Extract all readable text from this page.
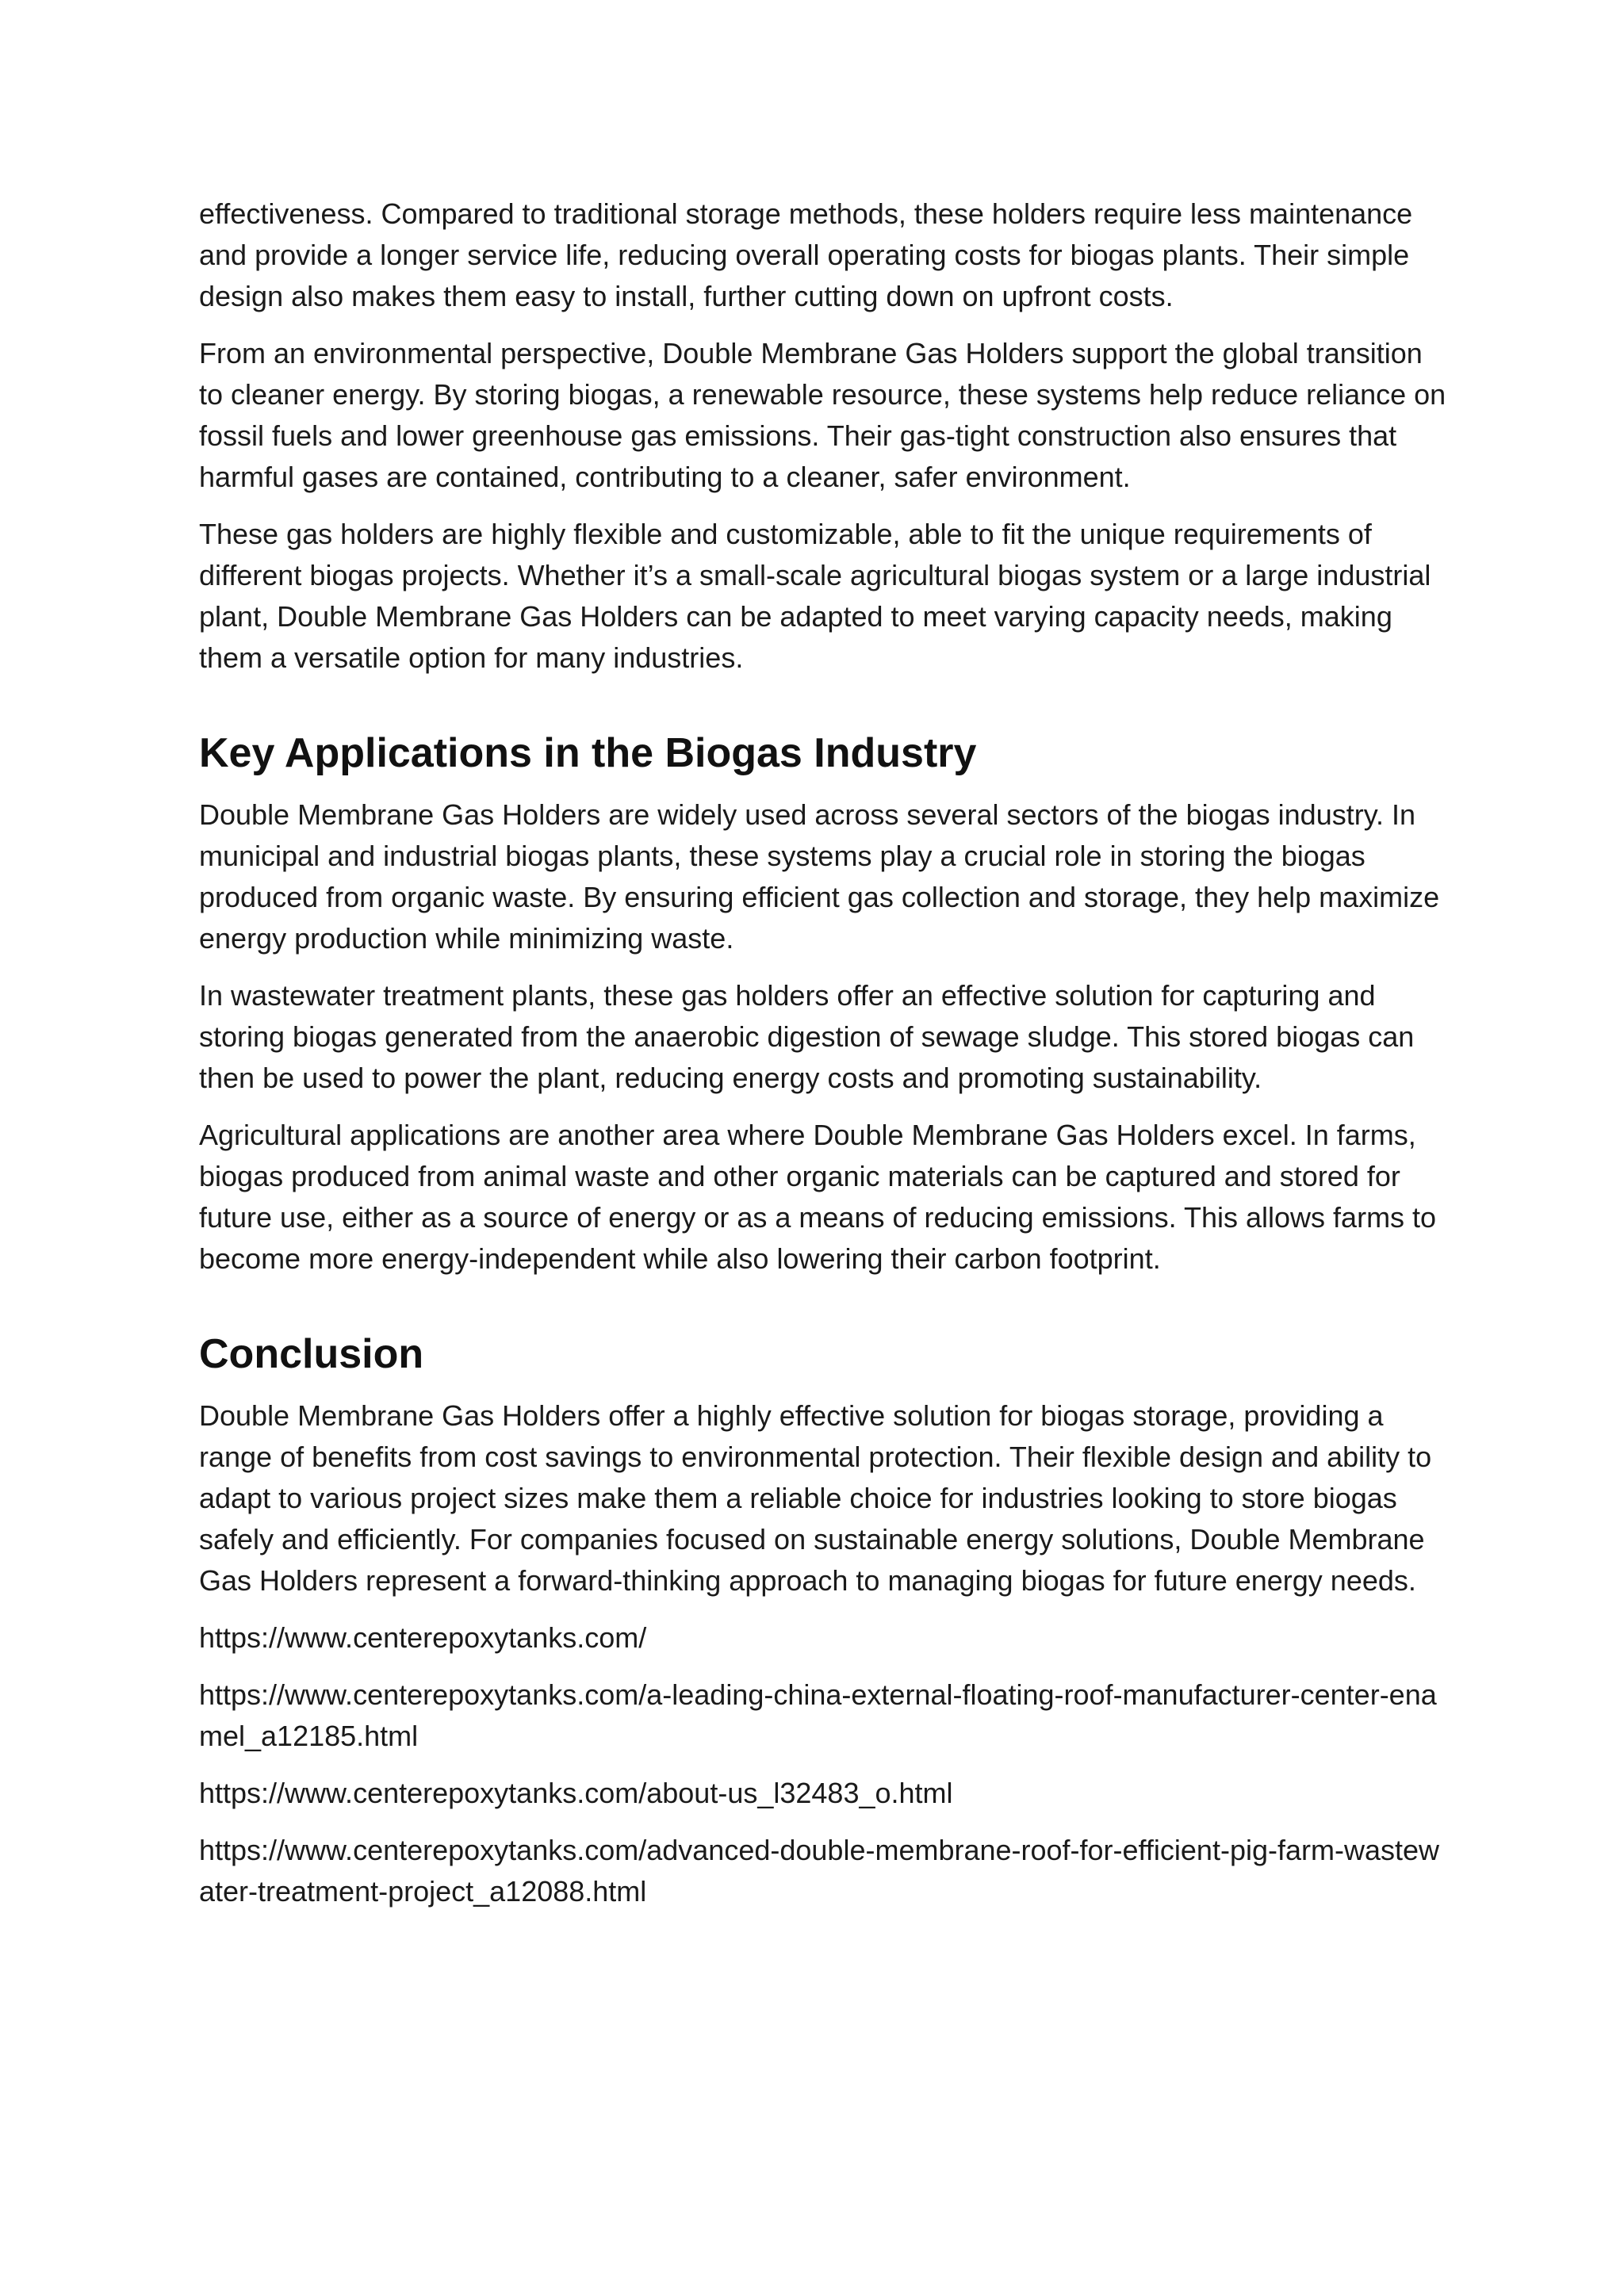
effectiveness. Compared to traditional storage methods, these holders require less maintenance and provide a longer service life, reducing overall operating costs for biogas plants. Their simple design also makes them easy to install, further cutting down on upfront costs.

From an environmental perspective, Double Membrane Gas Holders support the global transition to cleaner energy. By storing biogas, a renewable resource, these systems help reduce reliance on fossil fuels and lower greenhouse gas emissions. Their gas-tight construction also ensures that harmful gases are contained, contributing to a cleaner, safer environment.

These gas holders are highly flexible and customizable, able to fit the unique requirements of different biogas projects. Whether it’s a small-scale agricultural biogas system or a large industrial plant, Double Membrane Gas Holders can be adapted to meet varying capacity needs, making them a versatile option for many industries.

Key Applications in the Biogas Industry

Double Membrane Gas Holders are widely used across several sectors of the biogas industry. In municipal and industrial biogas plants, these systems play a crucial role in storing the biogas produced from organic waste. By ensuring efficient gas collection and storage, they help maximize energy production while minimizing waste.

In wastewater treatment plants, these gas holders offer an effective solution for capturing and storing biogas generated from the anaerobic digestion of sewage sludge. This stored biogas can then be used to power the plant, reducing energy costs and promoting sustainability.

Agricultural applications are another area where Double Membrane Gas Holders excel. In farms, biogas produced from animal waste and other organic materials can be captured and stored for future use, either as a source of energy or as a means of reducing emissions. This allows farms to become more energy-independent while also lowering their carbon footprint.

Conclusion

Double Membrane Gas Holders offer a highly effective solution for biogas storage, providing a range of benefits from cost savings to environmental protection. Their flexible design and ability to adapt to various project sizes make them a reliable choice for industries looking to store biogas safely and efficiently. For companies focused on sustainable energy solutions, Double Membrane Gas Holders represent a forward-thinking approach to managing biogas for future energy needs.

https://www.centerepoxytanks.com/
https://www.centerepoxytanks.com/a-leading-china-external-floating-roof-manufacturer-center-enamel_a12185.html
https://www.centerepoxytanks.com/about-us_l32483_o.html
https://www.centerepoxytanks.com/advanced-double-membrane-roof-for-efficient-pig-farm-wastewater-treatment-project_a12088.html
